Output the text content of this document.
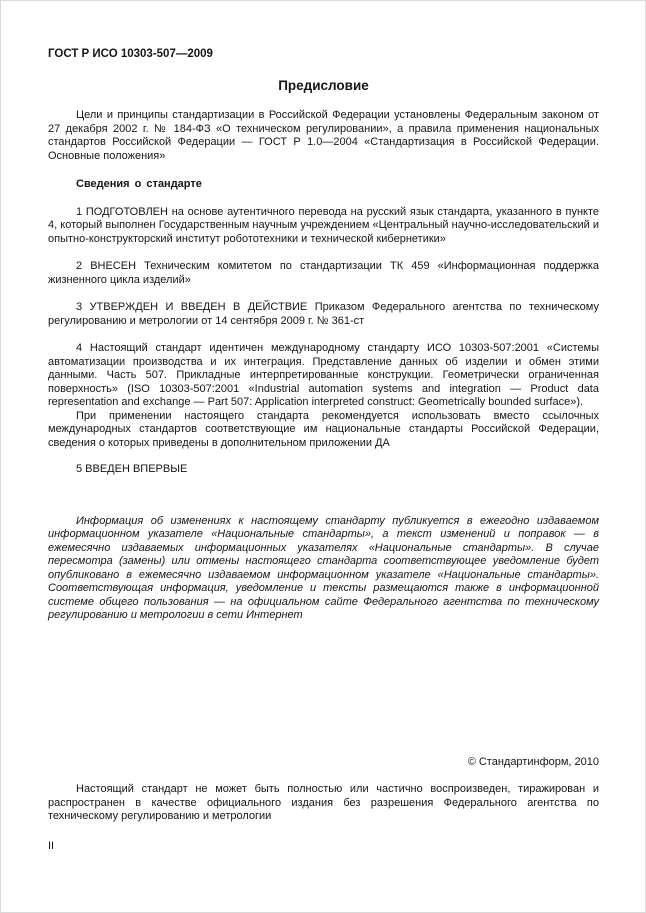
ГОСТ Р ИСО 10303-507—2009

Предисловие

Цели и принципы стандартизации в Российской Федерации установлены Федеральным законом от 27 декабря 2002 г. № 184-ФЗ «О техническом регулировании», а правила применения национальных стандартов Российской Федерации — ГОСТ Р 1.0—2004 «Стандартизация в Российской Федерации. Основные положения»

Сведения о стандарте

1 ПОДГОТОВЛЕН на основе аутентичного перевода на русский язык стандарта, указанного в пункте 4, который выполнен Государственным научным учреждением «Центральный научно-исследовательский и опытно-конструкторский институт робототехники и технической кибернетики»

2 ВНЕСЕН Техническим комитетом по стандартизации ТК 459 «Информационная поддержка жизненного цикла изделий»

3 УТВЕРЖДЕН И ВВЕДЕН В ДЕЙСТВИЕ Приказом Федерального агентства по техническому регулированию и метрологии от 14 сентября 2009 г. № 361-ст

4 Настоящий стандарт идентичен международному стандарту ИСО 10303-507:2001 «Системы автоматизации производства и их интеграция. Представление данных об изделии и обмен этими данными. Часть 507. Прикладные интерпретированные конструкции. Геометрически ограниченная поверхность» (ISO 10303-507:2001 «Industrial automation systems and integration — Product data representation and exchange — Part 507: Application interpreted construct: Geometrically bounded surface»).

При применении настоящего стандарта рекомендуется использовать вместо ссылочных международных стандартов соответствующие им национальные стандарты Российской Федерации, сведения о которых приведены в дополнительном приложении ДА

5 ВВЕДЕН ВПЕРВЫЕ

Информация об изменениях к настоящему стандарту публикуется в ежегодно издаваемом информационном указателе «Национальные стандарты», а текст изменений и поправок — в ежемесячно издаваемых информационных указателях «Национальные стандарты». В случае пересмотра (замены) или отмены настоящего стандарта соответствующее уведомление будет опубликовано в ежемесячно издаваемом информационном указателе «Национальные стандарты». Соответствующая информация, уведомление и тексты размещаются также в информационной системе общего пользования — на официальном сайте Федерального агентства по техническому регулированию и метрологии в сети Интернет

© Стандартинформ, 2010

Настоящий стандарт не может быть полностью или частично воспроизведен, тиражирован и распространен в качестве официального издания без разрешения Федерального агентства по техническому регулированию и метрологии

II
